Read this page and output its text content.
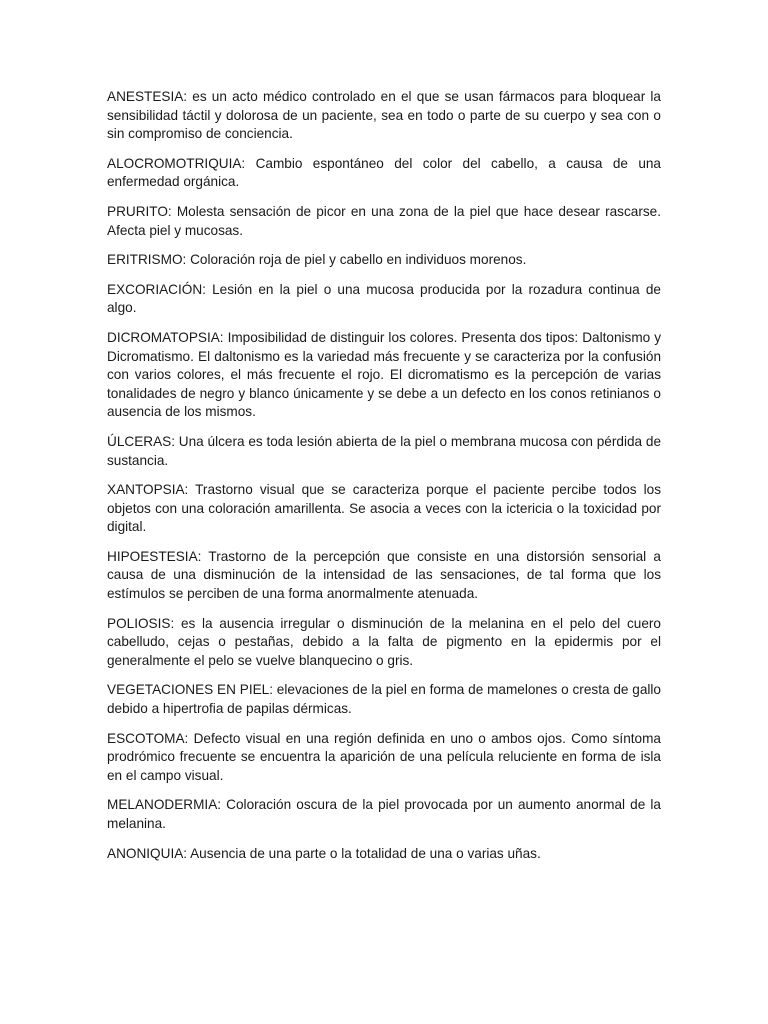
ANESTESIA: es un acto médico controlado en el que se usan fármacos para bloquear la sensibilidad táctil y dolorosa de un paciente, sea en todo o parte de su cuerpo y sea con o sin compromiso de conciencia.

ALOCROMOTRIQUIA: Cambio espontáneo del color del cabello, a causa de una enfermedad orgánica.

PRURITO: Molesta sensación de picor en una zona de la piel que hace desear rascarse. Afecta piel y mucosas.

ERITRISMO: Coloración roja de piel y cabello en individuos morenos.

EXCORIACIÓN: Lesión en la piel o una mucosa producida por la rozadura continua de algo.

DICROMATOPSIA: Imposibilidad de distinguir los colores. Presenta dos tipos: Daltonismo y Dicromatismo. El daltonismo es la variedad más frecuente y se caracteriza por la confusión con varios colores, el más frecuente el rojo. El dicromatismo es la percepción de varias tonalidades de negro y blanco únicamente y se debe a un defecto en los conos retinianos o ausencia de los mismos.

ÚLCERAS: Una úlcera es toda lesión abierta de la piel o membrana mucosa con pérdida de sustancia.

XANTOPSIA: Trastorno visual que se caracteriza porque el paciente percibe todos los objetos con una coloración amarillenta. Se asocia a veces con la ictericia o la toxicidad por digital.

HIPOESTESIA: Trastorno de la percepción que consiste en una distorsión sensorial a causa de una disminución de la intensidad de las sensaciones, de tal forma que los estímulos se perciben de una forma anormalmente atenuada.

POLIOSIS: es la ausencia irregular o disminución de la melanina en el pelo del cuero cabelludo, cejas o pestañas, debido a la falta de pigmento en la epidermis por el generalmente el pelo se vuelve blanquecino o gris.

VEGETACIONES EN PIEL: elevaciones de la piel en forma de mamelones o cresta de gallo debido a hipertrofia de papilas dérmicas.

ESCOTOMA: Defecto visual en una región definida en uno o ambos ojos. Como síntoma prodrómico frecuente se encuentra la aparición de una película reluciente en forma de isla en el campo visual.

MELANODERMIA: Coloración oscura de la piel provocada por un aumento anormal de la melanina.

ANONIQUIA: Ausencia de una parte o la totalidad de una o varias uñas.
